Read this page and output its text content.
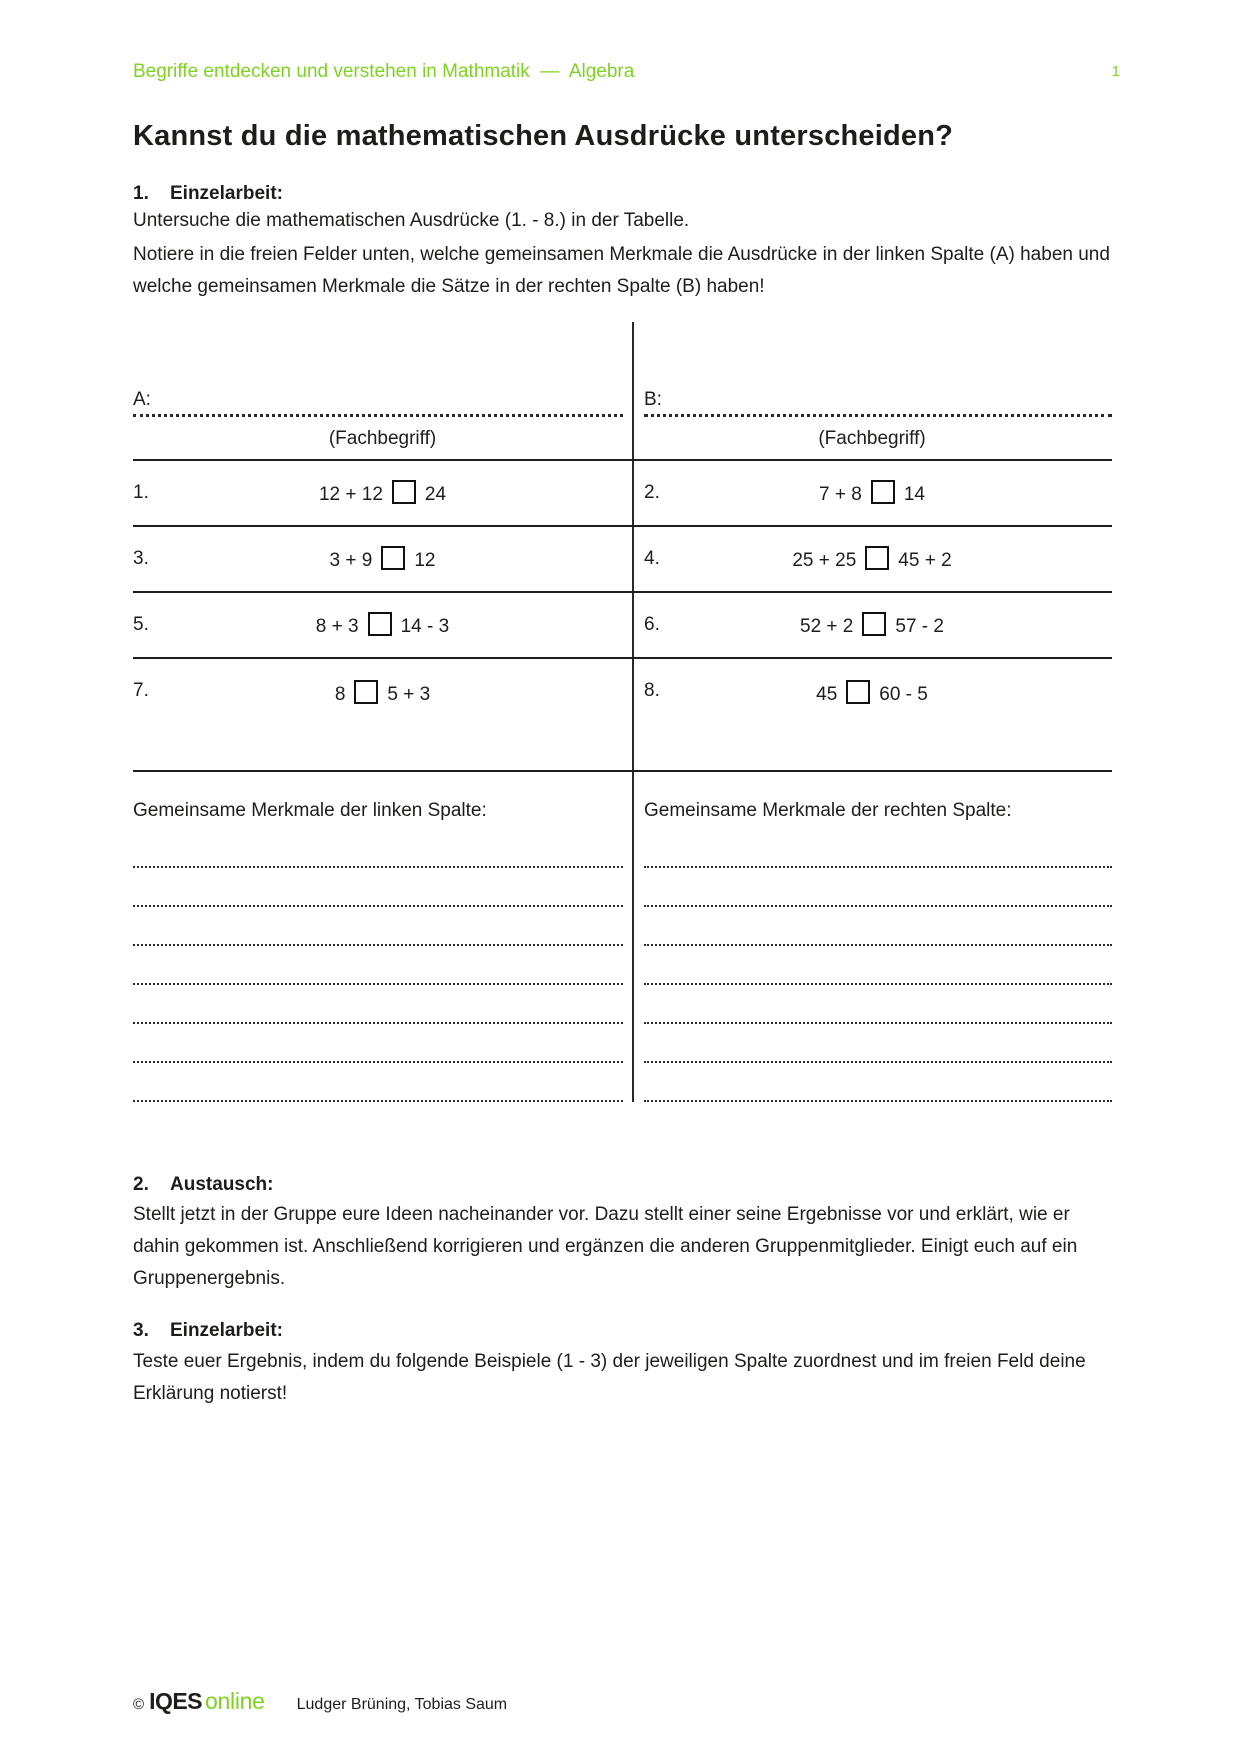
Begriffe entdecken und verstehen in Mathmatik  —  Algebra	1
Kannst du die mathematischen Ausdrücke unterscheiden?
1. Einzelarbeit:

Untersuche die mathematischen Ausdrücke (1. - 8.) in der Tabelle.

Notiere in die freien Felder unten, welche gemeinsamen Merkmale die Ausdrücke in der linken Spalte (A) haben und welche gemeinsamen Merkmale die Sätze in der rechten Spalte (B) haben!

A:
(Fachbegriff)
1.	12 + 12 24
3.	3 + 9 12
5.	8 + 3 14 - 3
7.	8 5 + 3
Gemeinsame Merkmale der linken Spalte:
B:
(Fachbegriff)
2.	7 + 8 14
4.	25 + 25 45 + 2
6.	52 + 2 57 - 2
8.	45 60 - 5
Gemeinsame Merkmale der rechten Spalte:
2. Austausch:

Stellt jetzt in der Gruppe eure Ideen nacheinander vor. Dazu stellt einer seine Ergebnisse vor und erklärt, wie er dahin gekommen ist. Anschließend korrigieren und ergänzen die anderen Gruppenmitglieder. Einigt euch auf ein Gruppenergebnis.

3. Einzelarbeit:

Teste euer Ergebnis, indem du folgende Beispiele (1 - 3) der jeweiligen Spalte zuordnest und im freien Feld deine Erklärung notierst!

© IQES online Ludger Brüning, Tobias Saum
